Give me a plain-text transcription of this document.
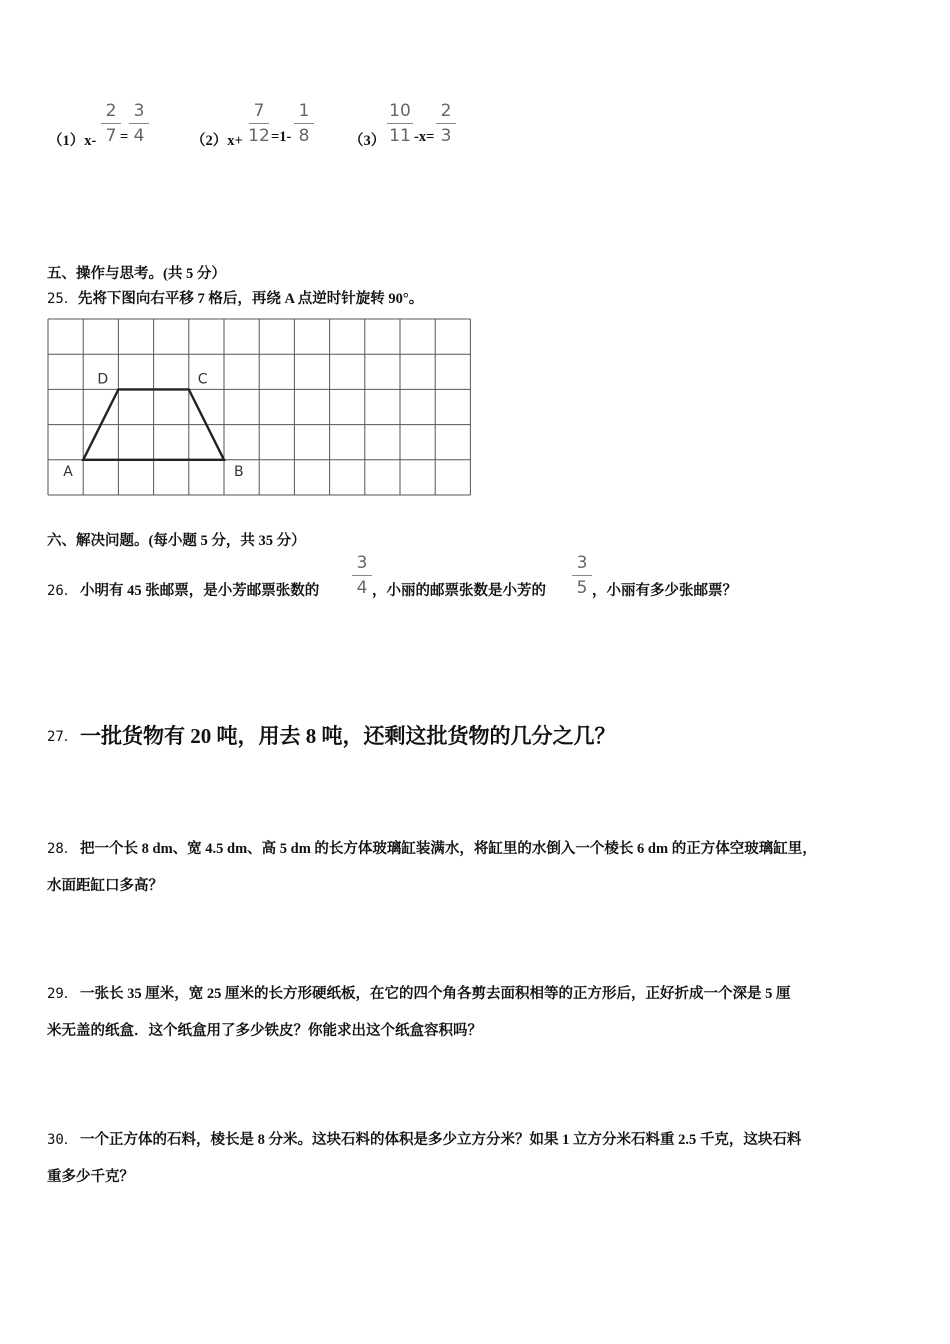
（1）x-
2
7 =
3
4	（2）x+
7
12 =1-
1
8	（3）
10
11 -x=
2
3
五、操作与思考。(共 5 分）
25．先将下图向右平移 7 格后，再绕 A 点逆时针旋转 90°。
A	B
C
D
六、解决问题。(每小题 5 分，共 35 分）
26． 小明有 45 张邮票，是小芳邮票张数的
3
4 ，小丽的邮票张数是小芳的
3
5 ，小丽有多少张邮票？
27． 一批货物有 20 吨，用去 8 吨，还剩这批货物的几分之几？
28． 把一个长 8 dm、宽 4.5 dm、高 5 dm 的长方体玻璃缸装满水，将缸里的水倒入一个棱长 6 dm 的正方体空玻璃缸里，
水面距缸口多高？
29． 一张长 35 厘米，宽 25 厘米的长方形硬纸板，在它的四个角各剪去面积相等的正方形后，正好折成一个深是 5 厘
米无盖的纸盒．这个纸盒用了多少铁皮？你能求出这个纸盒容积吗？
30． 一个正方体的石料，棱长是 8 分米。这块石料的体积是多少立方分米？如果 1 立方分米石料重 2.5 千克，这块石料
重多少千克？
